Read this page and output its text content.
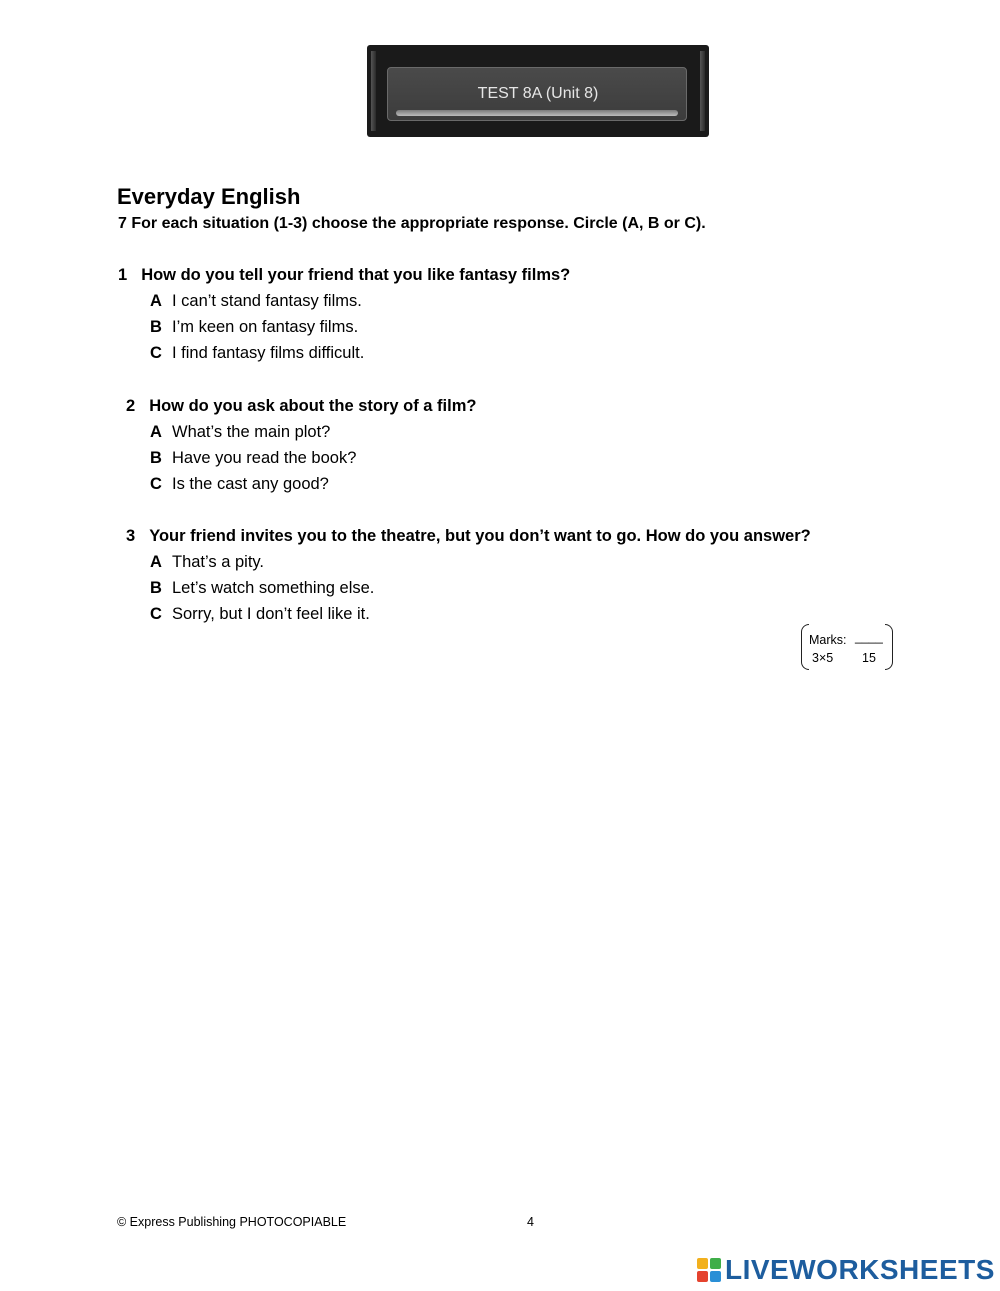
TEST 8A (Unit 8)
Everyday English
7 For each situation (1-3) choose the appropriate response. Circle (A, B or C).
1 How do you tell your friend that you like fantasy films?
A I can’t stand fantasy films.
B I’m keen on fantasy films.
C I find fantasy films difficult.
2 How do you ask about the story of a film?
A What’s the main plot?
B Have you read the book?
C Is the cast any good?
3 Your friend invites you to the theatre, but you don’t want to go. How do you answer?
A That’s a pity.
B Let’s watch something else.
C Sorry, but I don’t feel like it.
Marks: ____
3×5 15
© Express Publishing PHOTOCOPIABLE	4
LIVEWORKSHEETS
